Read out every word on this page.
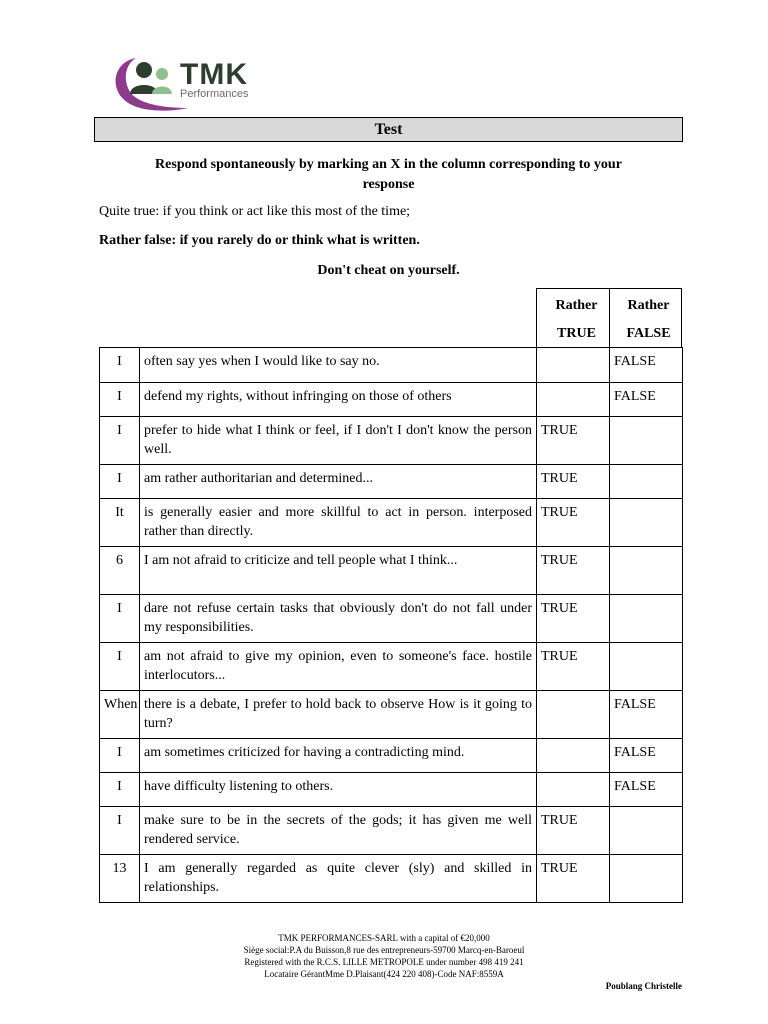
TMK
Performances
Test
Respond spontaneously by marking an X in the column corresponding to your response
Quite true: if you think or act like this most of the time;
Rather false: if you rarely do or think what is written.
Don't cheat on yourself.
Rather
TRUE
Rather
FALSE
I	often say yes when I would like to say no.		FALSE
I	defend my rights, without infringing on those of others		FALSE
I	prefer to hide what I think or feel, if I don't I don't know the person well.	TRUE	
I	am rather authoritarian and determined...	TRUE	
It	is generally easier and more skillful to act in person. interposed rather than directly.	TRUE	
6	I am not afraid to criticize and tell people what I think...	TRUE	
I	dare not refuse certain tasks that obviously don't do not fall under my responsibilities.	TRUE	
I	am not afraid to give my opinion, even to someone's face. hostile interlocutors...	TRUE	
When	there is a debate, I prefer to hold back to observe How is it going to turn?		FALSE
I	am sometimes criticized for having a contradicting mind.		FALSE
I	have difficulty listening to others.		FALSE
I	make sure to be in the secrets of the gods; it has given me well rendered service.	TRUE	
13	I am generally regarded as quite clever (sly) and skilled in relationships.	TRUE	
TMK PERFORMANCES-SARL with a capital of €20,000
Siège social:P.A du Buisson,8 rue des entrepreneurs-59700 Marcq-en-Baroeul
Registered with the R.C.S. LILLE METROPOLE under number 498 419 241
Locataire GérantMme D.Plaisant(424 220 408)-Code NAF:8559A
Poublang Christelle
